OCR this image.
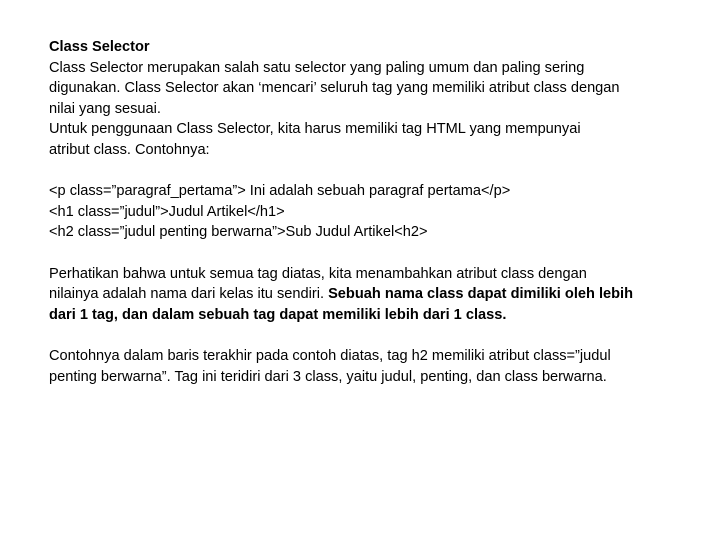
Class Selector
Class Selector merupakan salah satu selector yang paling umum dan paling sering
digunakan. Class Selector akan ‘mencari’ seluruh tag yang memiliki atribut class dengan
nilai yang sesuai.
Untuk penggunaan Class Selector, kita harus memiliki tag HTML yang mempunyai
atribut class. Contohnya:
<p class=”paragraf_pertama”> Ini adalah sebuah paragraf pertama</p>
<h1 class=”judul”>Judul Artikel</h1>
<h2 class=”judul penting berwarna”>Sub Judul Artikel<h2>
Perhatikan bahwa untuk semua tag diatas, kita menambahkan atribut class dengan
nilainya adalah nama dari kelas itu sendiri. Sebuah nama class dapat dimiliki oleh lebih
dari 1 tag, dan dalam sebuah tag dapat memiliki lebih dari 1 class.
Contohnya dalam baris terakhir pada contoh diatas, tag h2 memiliki atribut class=”judul
penting berwarna”. Tag ini teridiri dari 3 class, yaitu judul, penting, dan class berwarna.
